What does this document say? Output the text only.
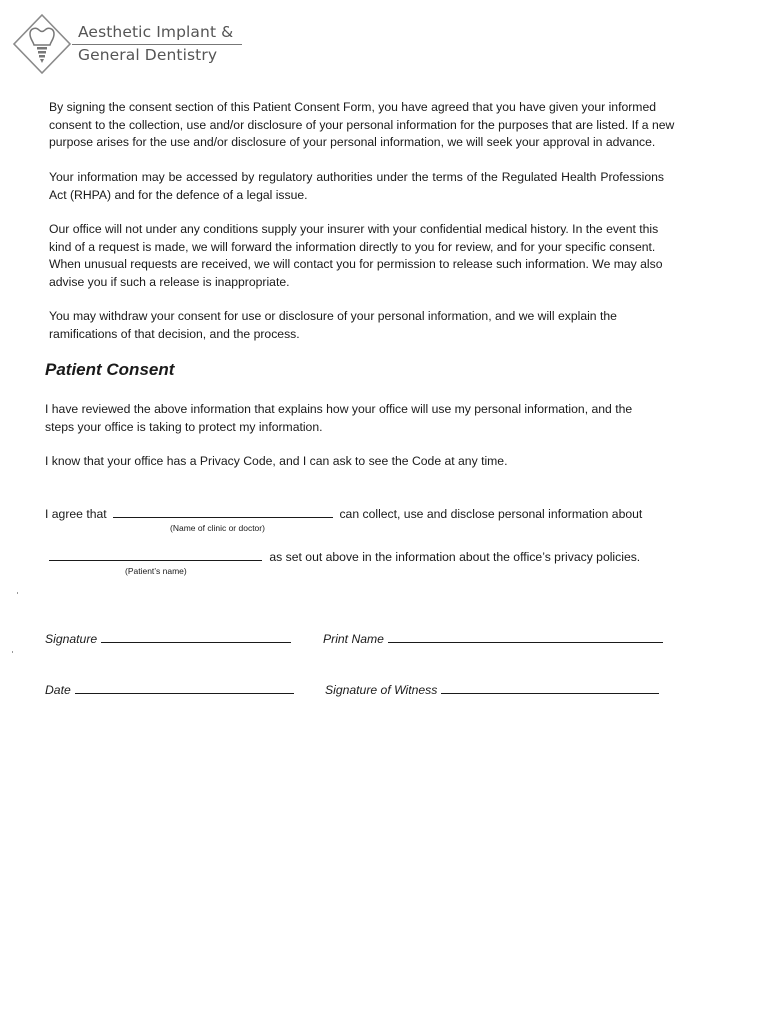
Aesthetic Implant &
General Dentistry

By signing the consent section of this Patient Consent Form, you have agreed that you have given your informed consent to the collection, use and/or disclosure of your personal information for the purposes that are listed. If a new purpose arises for the use and/or disclosure of your personal information, we will seek your approval in advance.

Your information may be accessed by regulatory authorities under the terms of the Regulated Health Professions Act (RHPA) and for the defence of a legal issue.

Our office will not under any conditions supply your insurer with your confidential medical history. In the event this kind of a request is made, we will forward the information directly to you for review, and for your specific consent. When unusual requests are received, we will contact you for permission to release such information. We may also advise you if such a release is inappropriate.

You may withdraw your consent for use or disclosure of your personal information, and we will explain the ramifications of that decision, and the process.

Patient Consent

I have reviewed the above information that explains how your office will use my personal information, and the steps your office is taking to protect my information.

I know that your office has a Privacy Code, and I can ask to see the Code at any time.

I agree that	can collect, use and disclose personal information about
(Name of clinic or doctor)
as set out above in the information about the office’s privacy policies.
(Patient’s name)
Signature	Print Name
Date	Signature of Witness
